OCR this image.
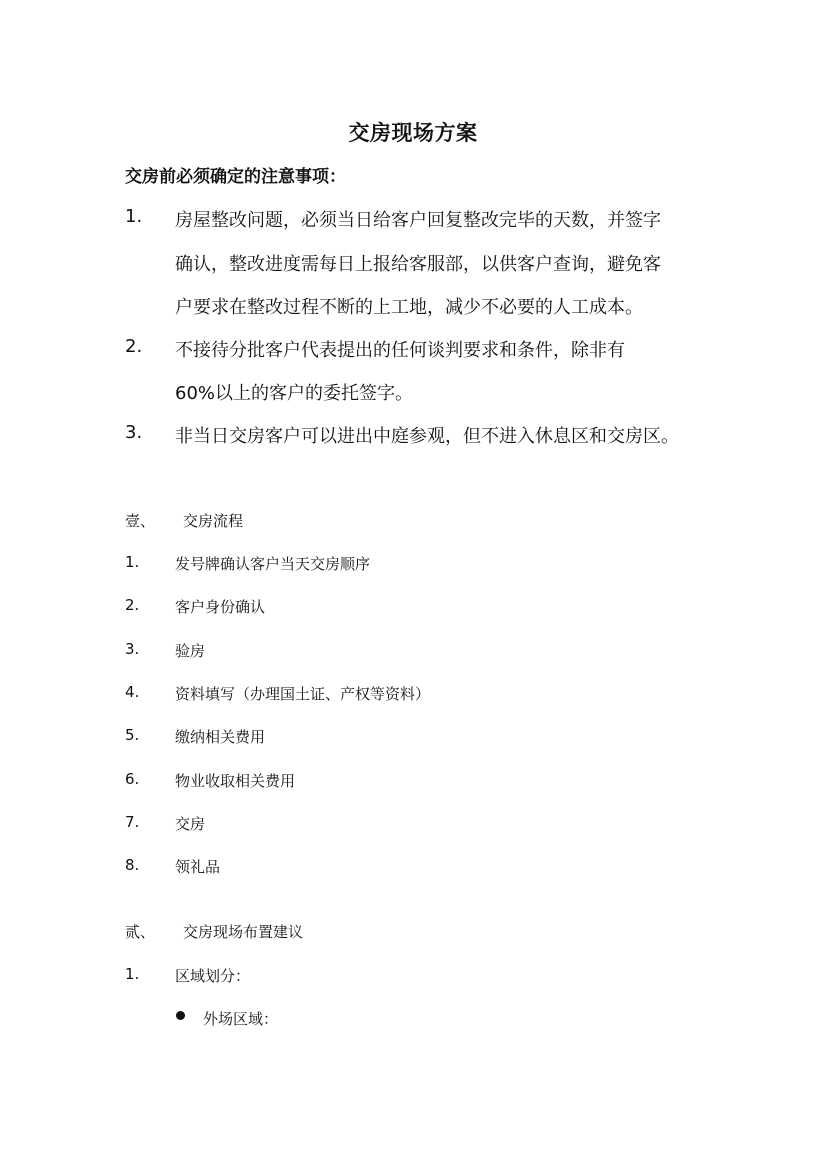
交房现场方案
交房前必须确定的注意事项：
1. 房屋整改问题，必须当日给客户回复整改完毕的天数，并签字
确认，整改进度需每日上报给客服部，以供客户查询，避免客
户要求在整改过程不断的上工地，减少不必要的人工成本。
2. 不接待分批客户代表提出的任何谈判要求和条件，除非有
60%以上的客户的委托签字。
3. 非当日交房客户可以进出中庭参观，但不进入休息区和交房区。
壹、 交房流程
1. 发号牌确认客户当天交房顺序
2. 客户身份确认
3. 验房
4. 资料填写（办理国土证、产权等资料）
5. 缴纳相关费用
6. 物业收取相关费用
7. 交房
8. 领礼品
贰、 交房现场布置建议
1. 区域划分：
外场区域：
